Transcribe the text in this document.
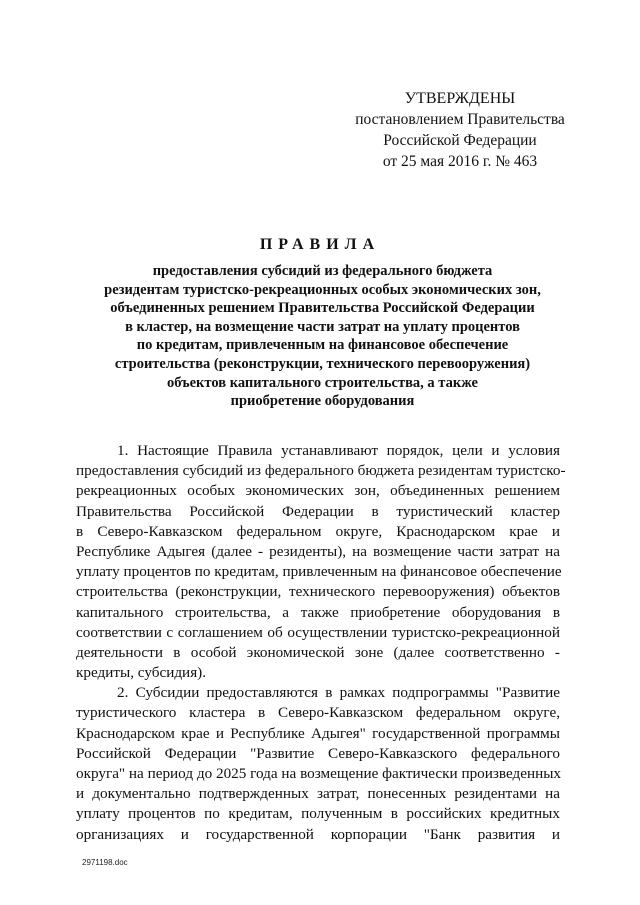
УТВЕРЖДЕНЫ
постановлением Правительства
Российской Федерации
от 25 мая 2016 г. № 463
ПРАВИЛА
предоставления субсидий из федерального бюджета
резидентам туристско-рекреационных особых экономических зон,
объединенных решением Правительства Российской Федерации
в кластер, на возмещение части затрат на уплату процентов
по кредитам, привлеченным на финансовое обеспечение
строительства (реконструкции, технического перевооружения)
объектов капитального строительства, а также
приобретение оборудования
1. Настоящие Правила устанавливают порядок, цели и условия
предоставления субсидий из федерального бюджета резидентам туристско-
рекреационных особых экономических зон, объединенных решением
Правительства Российской Федерации в туристический кластер
в Северо-Кавказском федеральном округе, Краснодарском крае и
Республике Адыгея (далее - резиденты), на возмещение части затрат на
уплату процентов по кредитам, привлеченным на финансовое обеспечение
строительства (реконструкции, технического перевооружения) объектов
капитального строительства, а также приобретение оборудования в
соответствии с соглашением об осуществлении туристско-рекреационной
деятельности в особой экономической зоне (далее соответственно -
кредиты, субсидия).
2. Субсидии предоставляются в рамках подпрограммы "Развитие
туристического кластера в Северо-Кавказском федеральном округе,
Краснодарском крае и Республике Адыгея" государственной программы
Российской Федерации "Развитие Северо-Кавказского федерального
округа" на период до 2025 года на возмещение фактически произведенных
и документально подтвержденных затрат, понесенных резидентами на
уплату процентов по кредитам, полученным в российских кредитных
организациях и государственной корпорации "Банк развития и
2971198.doc
